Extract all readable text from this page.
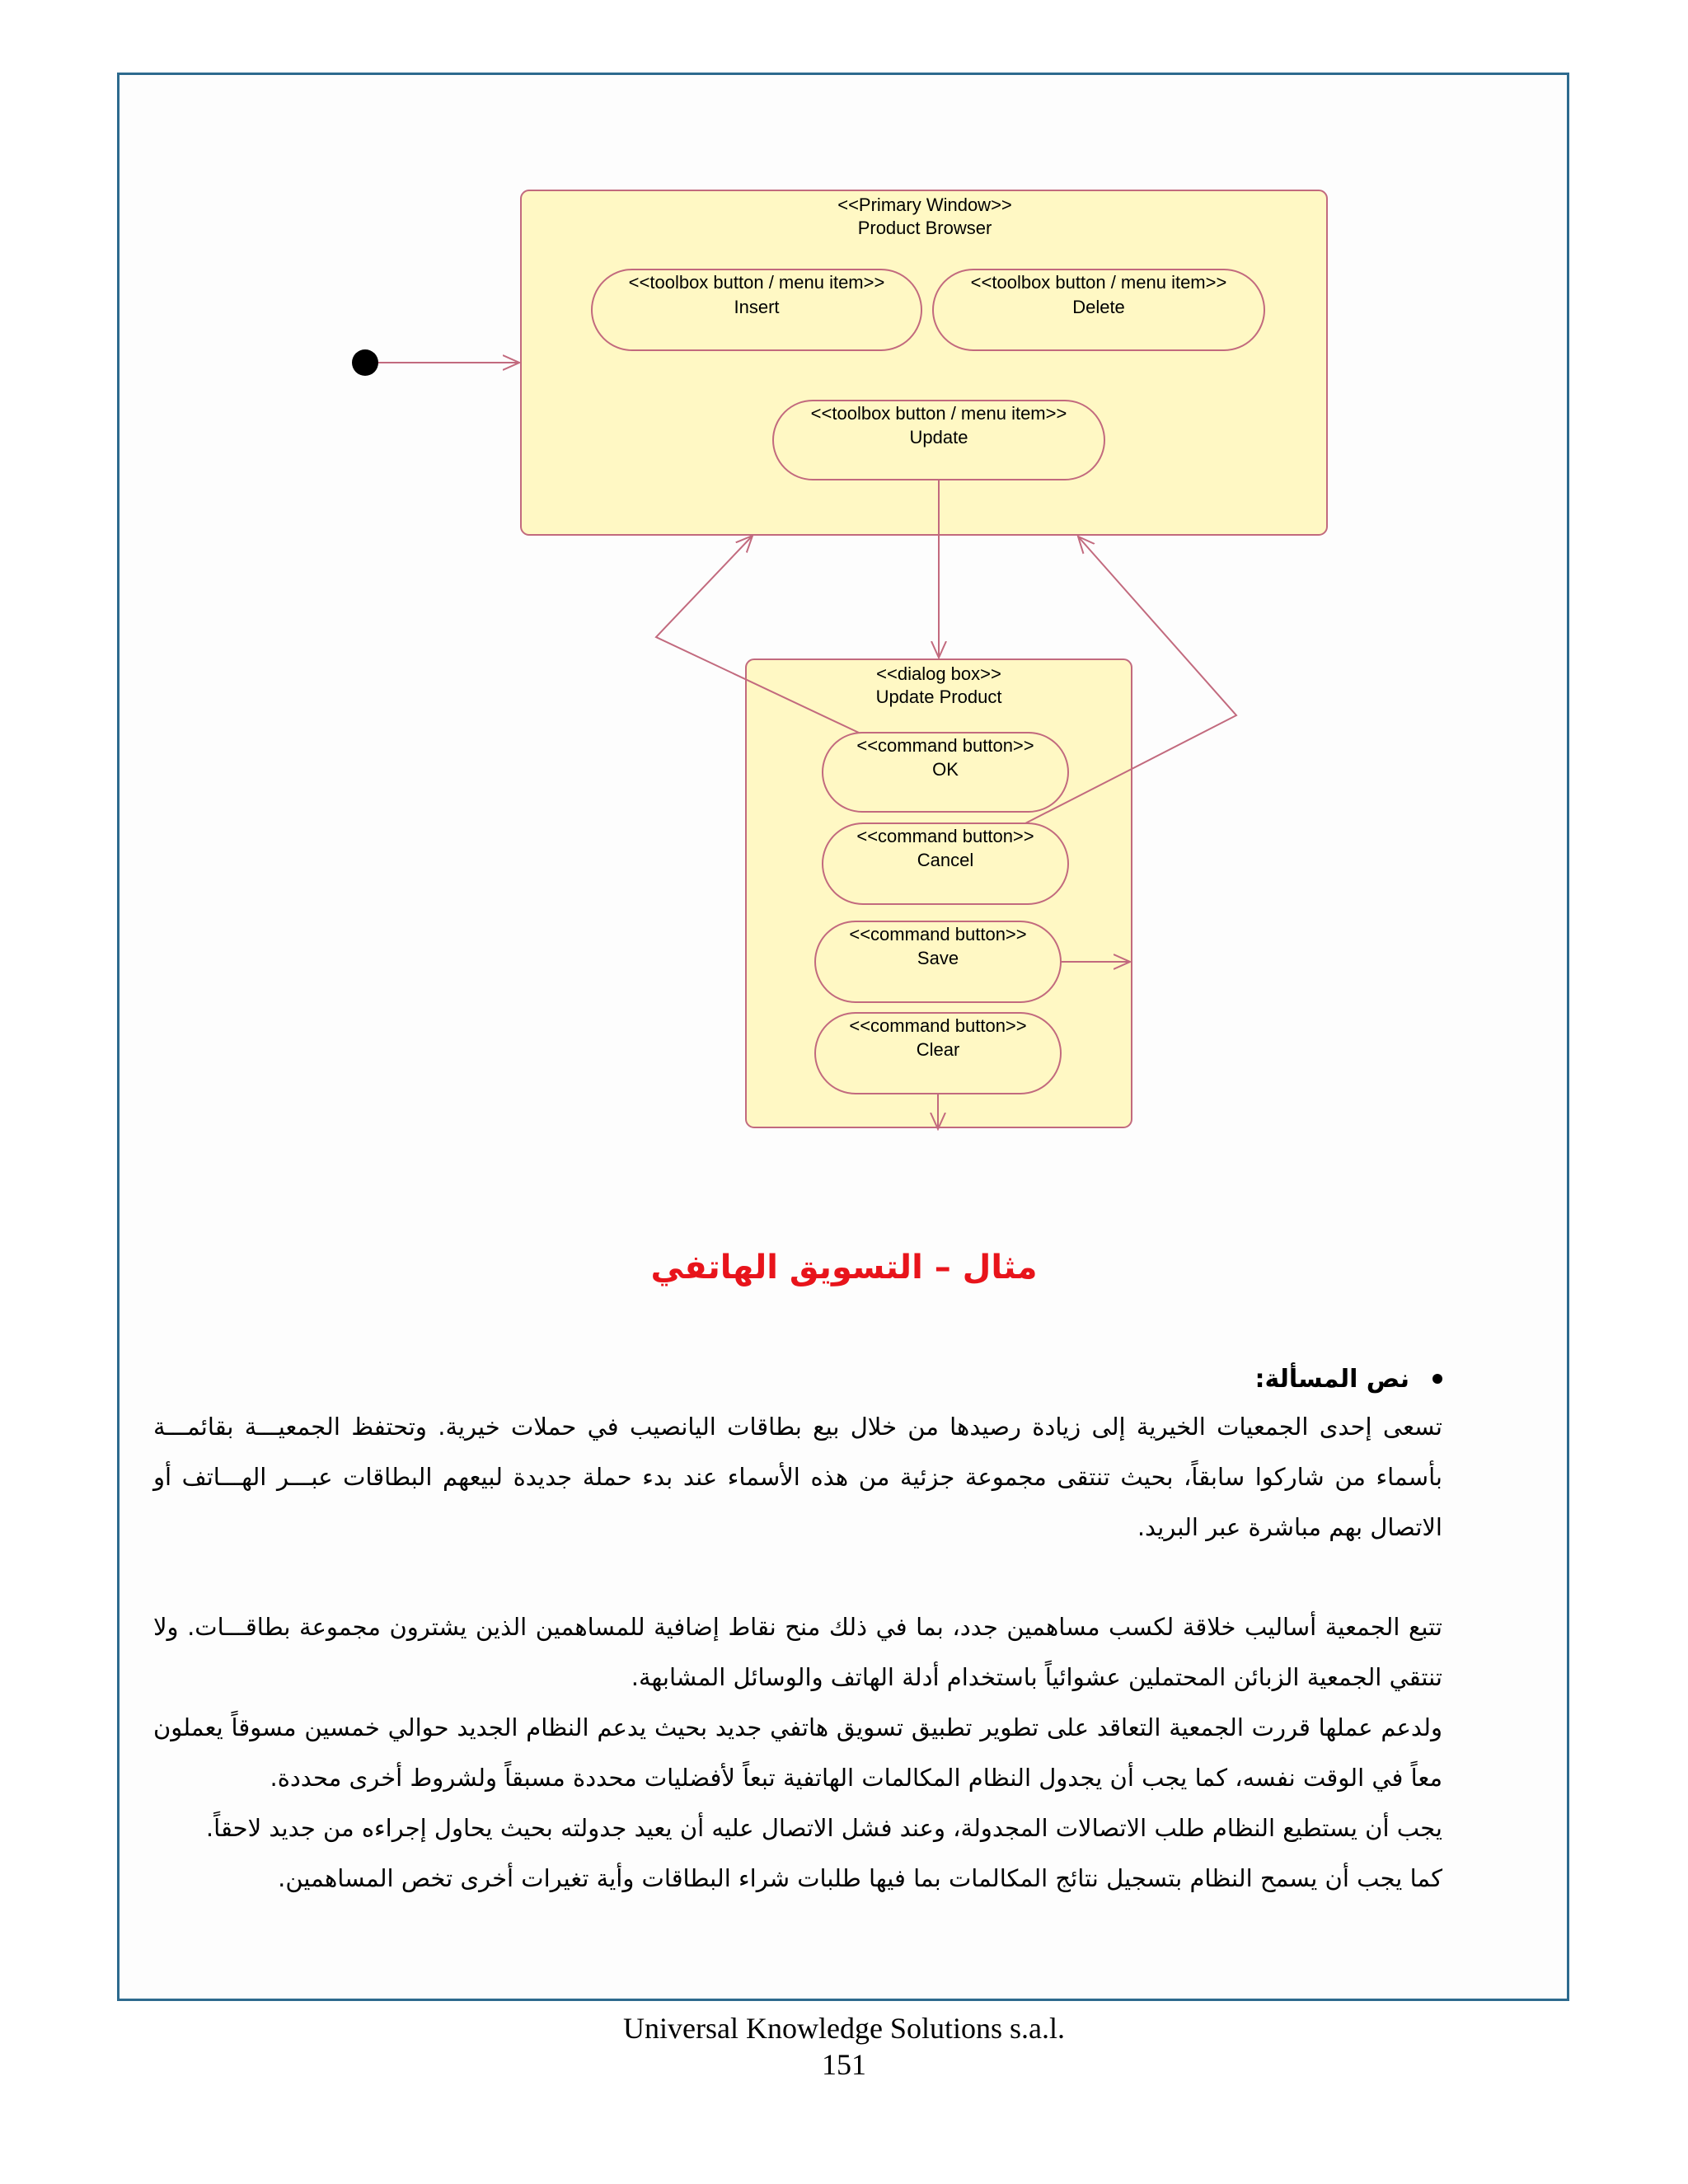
<<Primary Window>>
Product Browser
<<toolbox button / menu item>>
Insert
<<toolbox button / menu item>>
Delete
<<toolbox button / menu item>>
Update
<<dialog box>>
Update Product
<<command button>>
OK
<<command button>>
Cancel
<<command button>>
Save
<<command button>>
Clear
مثال – التسويق الهاتفي
نص المسألة:

تسعى إحدى الجمعيات الخيرية إلى زيادة رصيدها من خلال بيع بطاقات اليانصيب في حملات خيرية. وتحتفظ الجمعيـــة بقائمـــة بأسماء من شاركوا سابقاً، بحيث تنتقى مجموعة جزئية من هذه الأسماء عند بدء حملة جديدة لبيعهم البطاقات عبـــر الهـــاتف أو الاتصال بهم مباشرة عبر البريد.

تتبع الجمعية أساليب خلاقة لكسب مساهمين جدد، بما في ذلك منح نقاط إضافية للمساهمين الذين يشترون مجموعة بطاقـــات. ولا تنتقي الجمعية الزبائن المحتملين عشوائياً باستخدام أدلة الهاتف والوسائل المشابهة.

ولدعم عملها قررت الجمعية التعاقد على تطوير تطبيق تسويق هاتفي جديد بحيث يدعم النظام الجديد حوالي خمسين مسوقاً يعملون معاً في الوقت نفسه، كما يجب أن يجدول النظام المكالمات الهاتفية تبعاً لأفضليات محددة مسبقاً ولشروط أخرى محددة.

يجب أن يستطيع النظام طلب الاتصالات المجدولة، وعند فشل الاتصال عليه أن يعيد جدولته بحيث يحاول إجراءه من جديد لاحقاً.

كما يجب أن يسمح النظام بتسجيل نتائج المكالمات بما فيها طلبات شراء البطاقات وأية تغيرات أخرى تخص المساهمين.

Universal Knowledge Solutions s.a.l.
151
